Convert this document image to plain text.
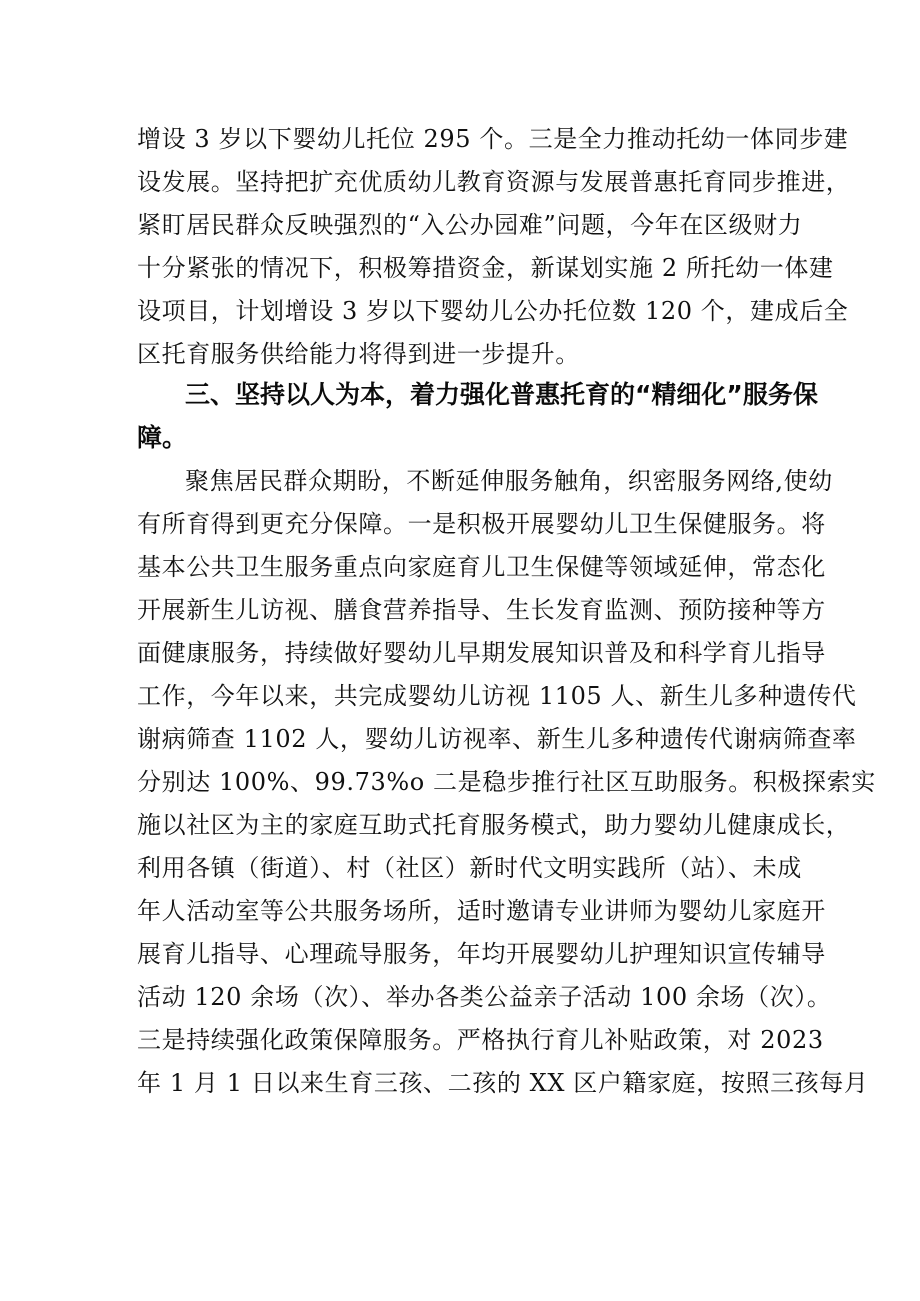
增设 3 岁以下婴幼儿托位 295 个。三是全力推动托幼一体同步建
设发展。坚持把扩充优质幼儿教育资源与发展普惠托育同步推进，
紧盯居民群众反映强烈的“入公办园难”问题，今年在区级财力
十分紧张的情况下，积极筹措资金，新谋划实施 2 所托幼一体建
设项目，计划增设 3 岁以下婴幼儿公办托位数 120 个，建成后全
区托育服务供给能力将得到进一步提升。
三、坚持以人为本，着力强化普惠托育的“精细化”服务保
障。
聚焦居民群众期盼，不断延伸服务触角，织密服务网络,使幼
有所育得到更充分保障。一是积极开展婴幼儿卫生保健服务。将
基本公共卫生服务重点向家庭育儿卫生保健等领域延伸，常态化
开展新生儿访视、膳食营养指导、生长发育监测、预防接种等方
面健康服务，持续做好婴幼儿早期发展知识普及和科学育儿指导
工作，今年以来，共完成婴幼儿访视 1105 人、新生儿多种遗传代
谢病筛查 1102 人，婴幼儿访视率、新生儿多种遗传代谢病筛查率
分别达 100%、99.73%o 二是稳步推行社区互助服务。积极探索实
施以社区为主的家庭互助式托育服务模式，助力婴幼儿健康成长，
利用各镇（街道）、村（社区）新时代文明实践所（站）、未成
年人活动室等公共服务场所，适时邀请专业讲师为婴幼儿家庭开
展育儿指导、心理疏导服务，年均开展婴幼儿护理知识宣传辅导
活动 120 余场（次）、举办各类公益亲子活动 100 余场（次）。
三是持续强化政策保障服务。严格执行育儿补贴政策，对 2023
年 1 月 1 日以来生育三孩、二孩的 XX 区户籍家庭，按照三孩每月
